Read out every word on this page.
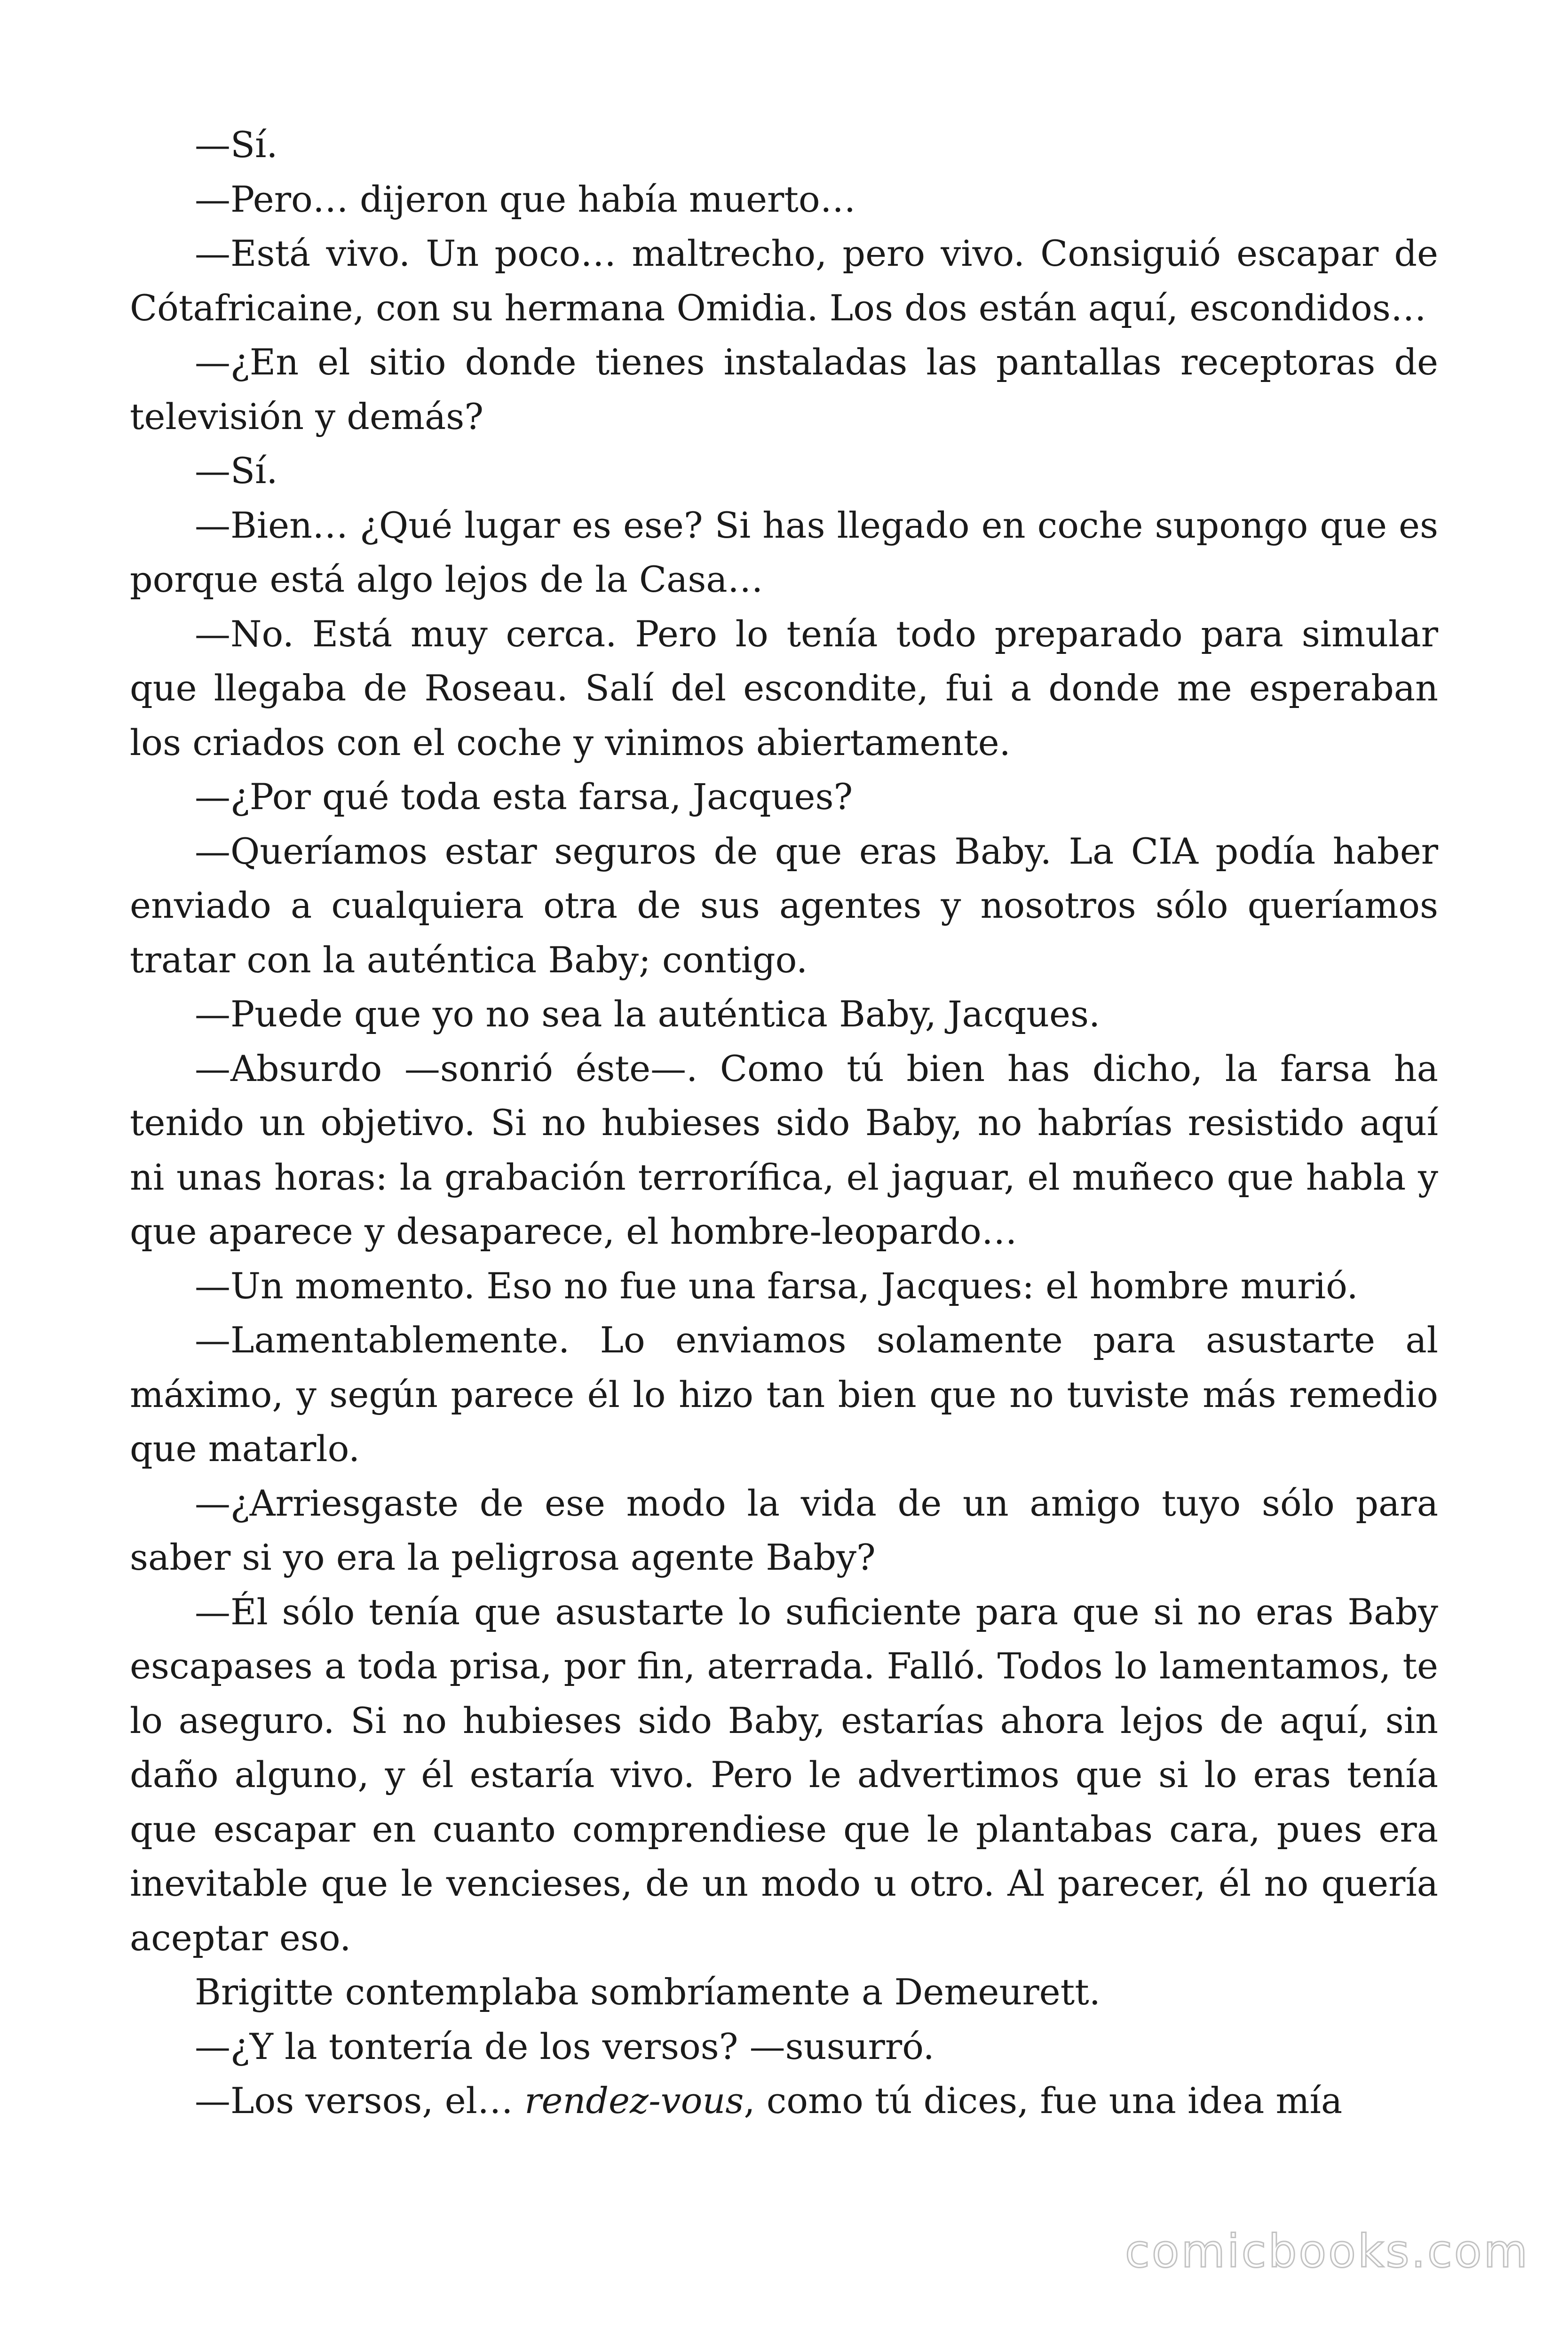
—Sí.

—Pero… dijeron que había muerto…

—Está vivo. Un poco… maltrecho, pero vivo. Consiguió escapar de Cótafricaine, con su hermana Omidia. Los dos están aquí, escondidos…

—¿En el sitio donde tienes instaladas las pantallas receptoras de televisión y demás?

—Sí.

—Bien… ¿Qué lugar es ese? Si has llegado en coche supongo que es porque está algo lejos de la Casa…

—No. Está muy cerca. Pero lo tenía todo preparado para simular que llegaba de Roseau. Salí del escondite, fui a donde me esperaban los criados con el coche y vinimos abiertamente.

—¿Por qué toda esta farsa, Jacques?

—Queríamos estar seguros de que eras Baby. La CIA podía haber enviado a cualquiera otra de sus agentes y nosotros sólo queríamos tratar con la auténtica Baby; contigo.

—Puede que yo no sea la auténtica Baby, Jacques.

—Absurdo —sonrió éste—. Como tú bien has dicho, la farsa ha tenido un objetivo. Si no hubieses sido Baby, no habrías resistido aquí ni unas horas: la grabación terrorífica, el jaguar, el muñeco que habla y que aparece y desaparece, el hombre-leopardo…

—Un momento. Eso no fue una farsa, Jacques: el hombre murió.

—Lamentablemente. Lo enviamos solamente para asustarte al máximo, y según parece él lo hizo tan bien que no tuviste más remedio que matarlo.

—¿Arriesgaste de ese modo la vida de un amigo tuyo sólo para saber si yo era la peligrosa agente Baby?

—Él sólo tenía que asustarte lo suficiente para que si no eras Baby escapases a toda prisa, por fin, aterrada. Falló. Todos lo lamentamos, te lo aseguro. Si no hubieses sido Baby, estarías ahora lejos de aquí, sin daño alguno, y él estaría vivo. Pero le advertimos que si lo eras tenía que escapar en cuanto comprendiese que le plantabas cara, pues era inevitable que le vencieses, de un modo u otro. Al parecer, él no quería aceptar eso.

Brigitte contemplaba sombríamente a Demeurett.

—¿Y la tontería de los versos? —susurró.

—Los versos, el… rendez-vous, como tú dices, fue una idea mía

comicbooks.com
